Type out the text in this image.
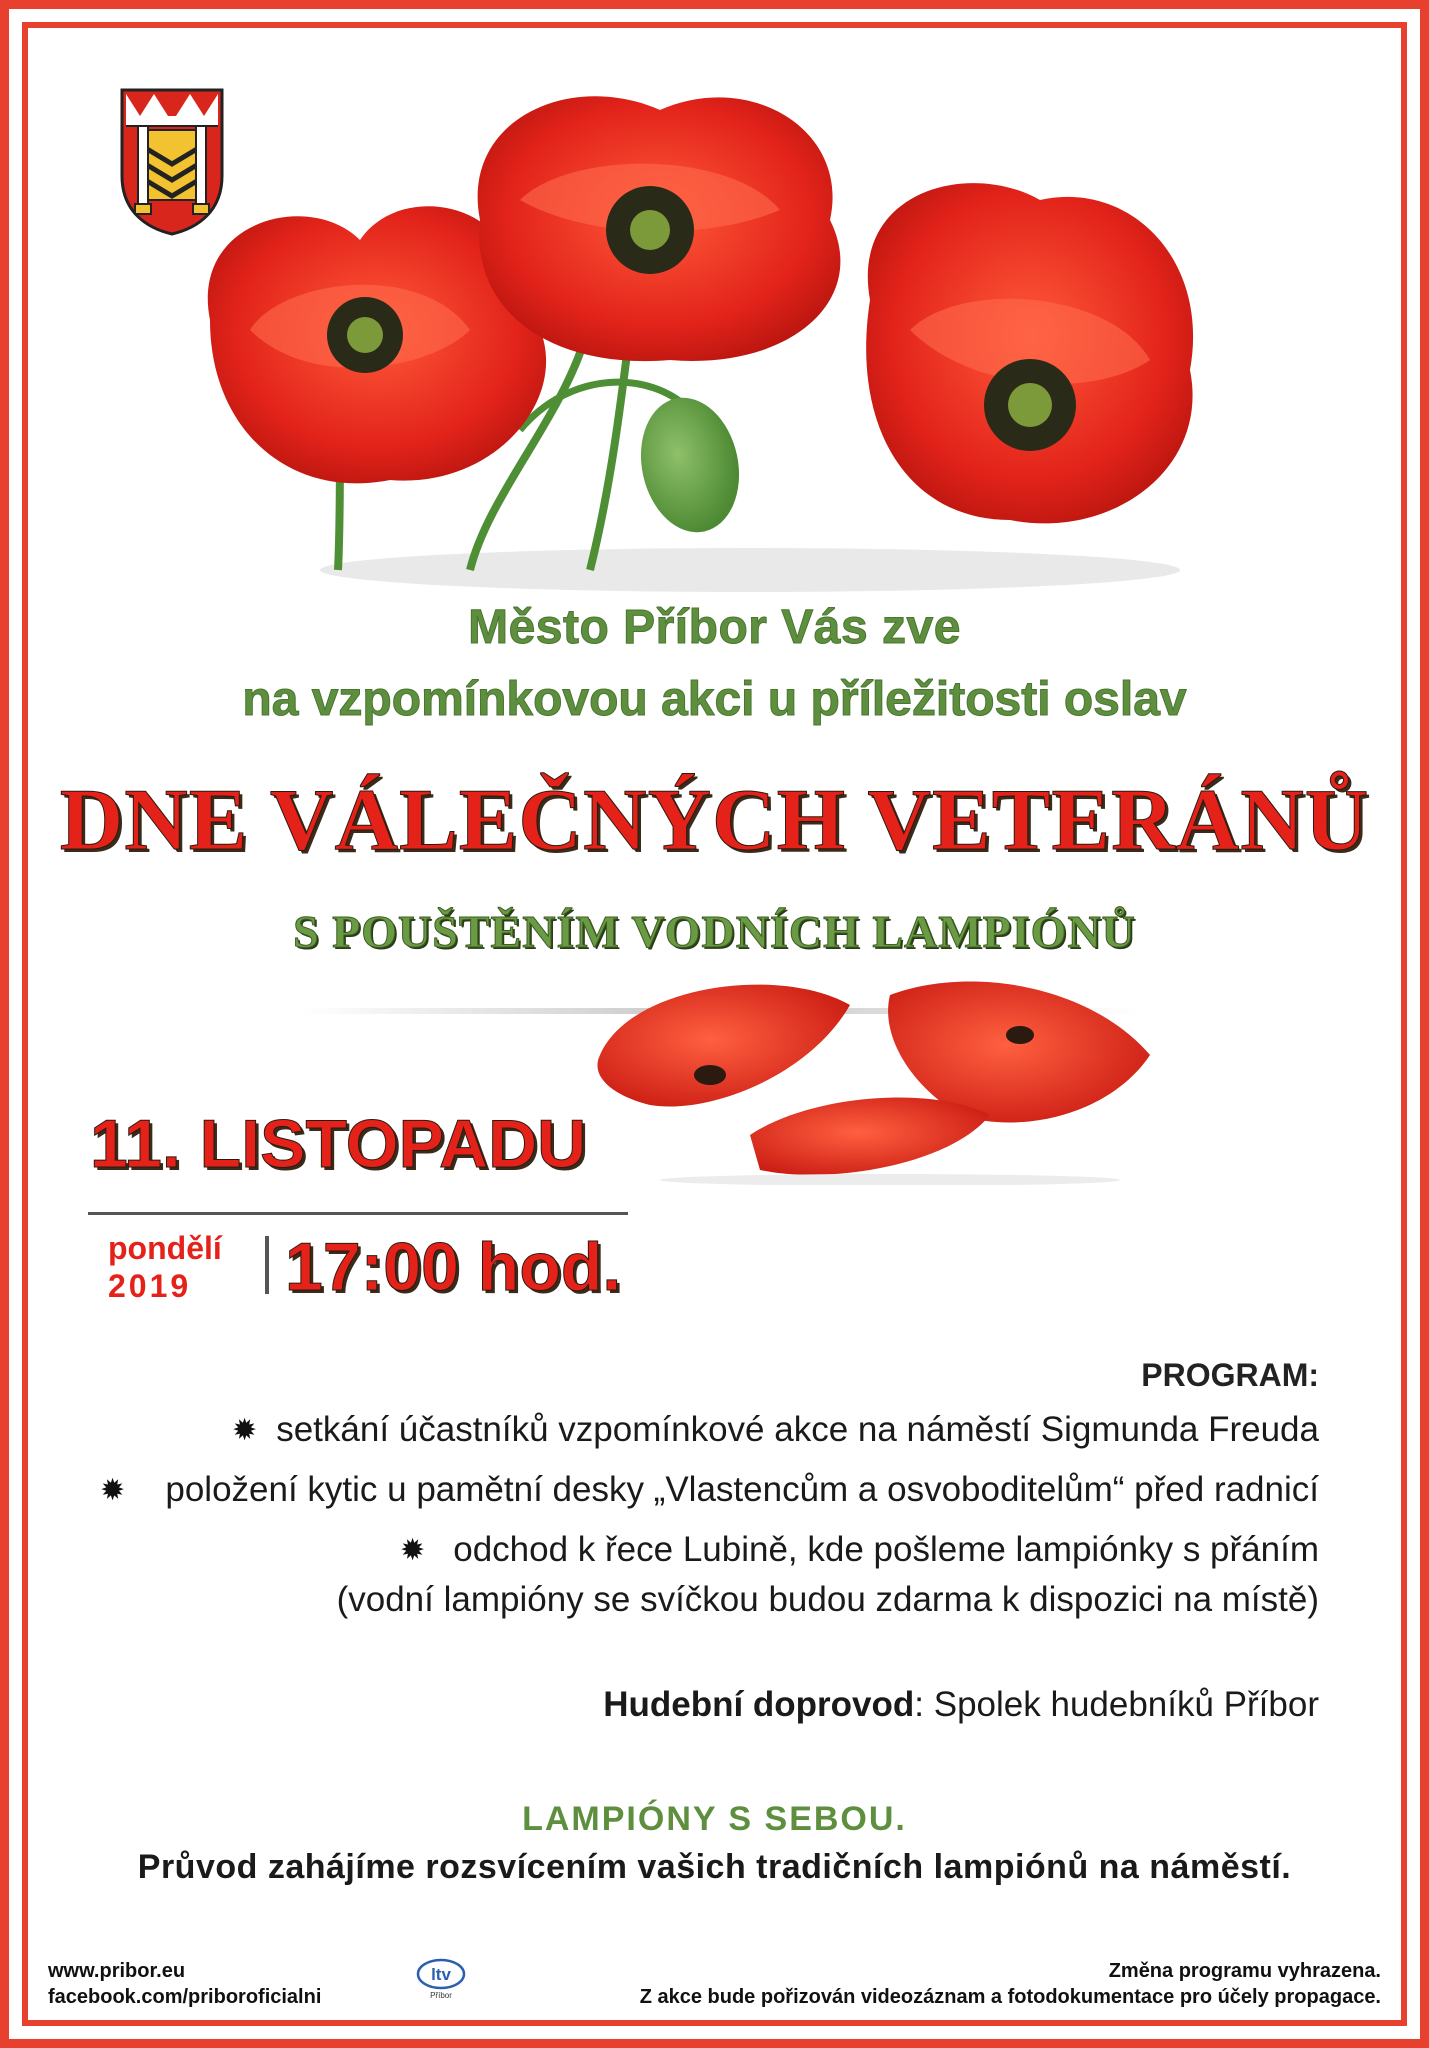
Město Příbor Vás zve
na vzpomínkovou akci u příležitosti oslav
DNE VÁLEČNÝCH VETERÁNŮ
S POUŠTĚNÍM VODNÍCH LAMPIÓNŮ
11. LISTOPADU
pondělí
2019 17:00 hod.
PROGRAM:
✹
✹
✹
setkání účastníků vzpomínkové akce na náměstí Sigmunda Freuda
položení kytic u pamětní desky „Vlastencům a osvoboditelům“ před radnicí
odchod k řece Lubině, kde pošleme lampiónky s přáním
(vodní lampióny se svíčkou budou zdarma k dispozici na místě)
Hudební doprovod: Spolek hudebníků Příbor
LAMPIÓNY S SEBOU.
Průvod zahájíme rozsvícením vašich tradičních lampiónů na náměstí.
www.pribor.eu
facebook.com/priboroficialni
ltv
Příbor
Změna programu vyhrazena.
Z akce bude pořizován videozáznam a fotodokumentace pro účely propagace.
